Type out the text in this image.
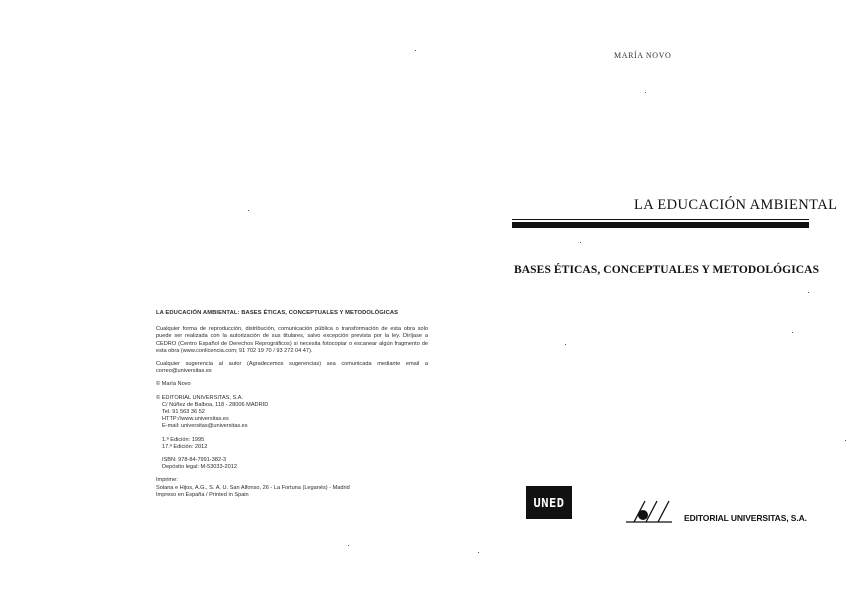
LA EDUCACIÓN AMBIENTAL: BASES ÉTICAS, CONCEPTUALES Y METODOLÓGICAS

Cualquier forma de reproducción, distribución, comunicación pública o transformación de esta obra solo puede ser realizada con la autorización de sus titulares, salvo excepción prevista por la ley. Diríjase a CEDRO (Centro Español de Derechos Reprográficos) si necesita fotocopiar o escanear algún fragmento de esta obra (www.conlicencia.com; 91 702 19 70 / 93 272 04 47).

Cualquier sugerencia al autor (Agradecemos sugerencias) sea comunicada mediante email a correo@universitas.es

© María Novo
© EDITORIAL UNIVERSITAS, S.A.
C/ Núñez de Balboa, 118 - 28006 MADRID
Tel. 91 563 36 52
HTTP://www.universitas.es
E-mail: universitas@universitas.es
1.ª Edición: 1995
17.ª Edición: 2012
ISBN: 978-84-7991-382-3
Depósito legal: M-53033-2012
Imprime:
Solana e Hijos, A.G., S. A. U. San Alfonso, 26 - La Fortuna (Leganés) - Madrid
Impreso en España / Printed in Spain
MARÍA NOVO
LA EDUCACIÓN AMBIENTAL
BASES ÉTICAS, CONCEPTUALES Y METODOLÓGICAS
UNED
EDITORIAL UNIVERSITAS, S.A.
